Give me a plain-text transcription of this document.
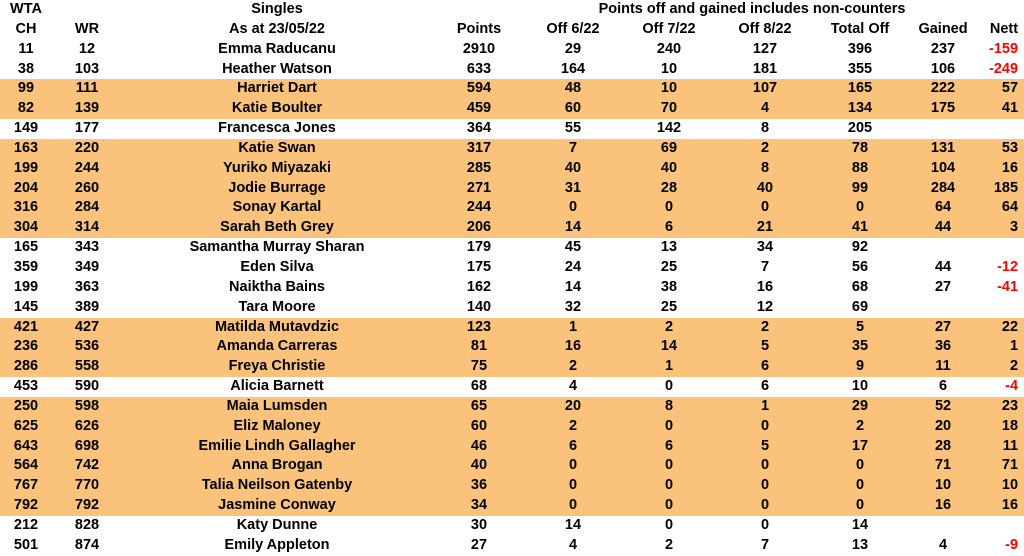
WTA		Singles		Points off and gained includes non-counters					
CH	WR	As at 23/05/22	Points	Off 6/22	Off 7/22	Off 8/22	Total Off	Gained	Nett
11	12	Emma Raducanu	2910	29	240	127	396	237	-159
38	103	Heather Watson	633	164	10	181	355	106	-249
99	111	Harriet Dart	594	48	10	107	165	222	57
82	139	Katie Boulter	459	60	70	4	134	175	41
149	177	Francesca Jones	364	55	142	8	205		
163	220	Katie Swan	317	7	69	2	78	131	53
199	244	Yuriko Miyazaki	285	40	40	8	88	104	16
204	260	Jodie Burrage	271	31	28	40	99	284	185
316	284	Sonay Kartal	244	0	0	0	0	64	64
304	314	Sarah Beth Grey	206	14	6	21	41	44	3
165	343	Samantha Murray Sharan	179	45	13	34	92		
359	349	Eden Silva	175	24	25	7	56	44	-12
199	363	Naiktha Bains	162	14	38	16	68	27	-41
145	389	Tara Moore	140	32	25	12	69		
421	427	Matilda Mutavdzic	123	1	2	2	5	27	22
236	536	Amanda Carreras	81	16	14	5	35	36	1
286	558	Freya Christie	75	2	1	6	9	11	2
453	590	Alicia Barnett	68	4	0	6	10	6	-4
250	598	Maia Lumsden	65	20	8	1	29	52	23
625	626	Eliz Maloney	60	2	0	0	2	20	18
643	698	Emilie Lindh Gallagher	46	6	6	5	17	28	11
564	742	Anna Brogan	40	0	0	0	0	71	71
767	770	Talia Neilson Gatenby	36	0	0	0	0	10	10
792	792	Jasmine Conway	34	0	0	0	0	16	16
212	828	Katy Dunne	30	14	0	0	14		
501	874	Emily Appleton	27	4	2	7	13	4	-9
